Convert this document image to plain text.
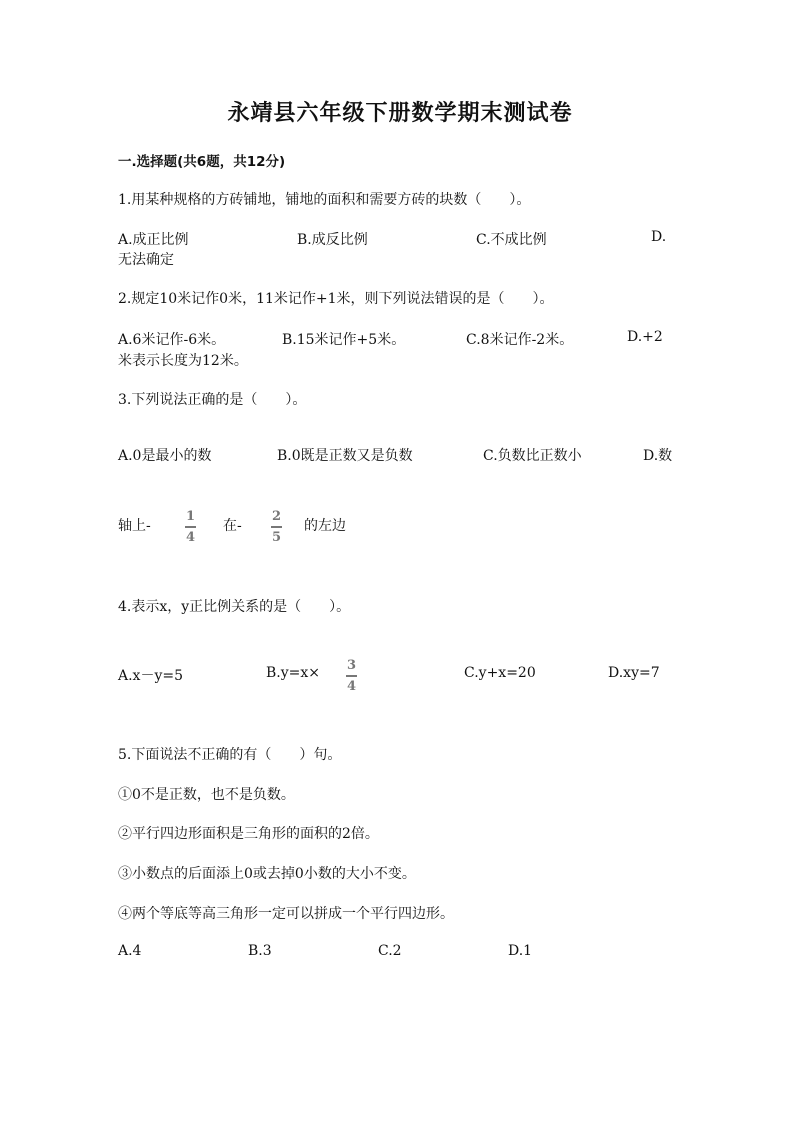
永靖县六年级下册数学期末测试卷
一.选择题(共6题，共12分)
1.用某种规格的方砖铺地，铺地的面积和需要方砖的块数（　　）。
A.成正比例	B.成反比例	C.不成比例	D.
无法确定
2.规定10米记作0米，11米记作+1米，则下列说法错误的是（　　）。
A.6米记作-6米。	B.15米记作+5米。	C.8米记作-2米。	D.+2
米表示长度为12米。
3.下列说法正确的是（　　）。
A.0是最小的数	B.0既是正数又是负数	C.负数比正数小	D.数
轴上-
1
4
在-
2
5
的左边
4.表示x，y正比例关系的是（　　）。
A.x－y=5	B.y=x× 3
4
C.y+x=20	D.xy=7
5.下面说法不正确的有（　　）句。
①0不是正数，也不是负数。
②平行四边形面积是三角形的面积的2倍。
③小数点的后面添上0或去掉0小数的大小不变。
④两个等底等高三角形一定可以拼成一个平行四边形。
A.4	B.3	C.2	D.1
